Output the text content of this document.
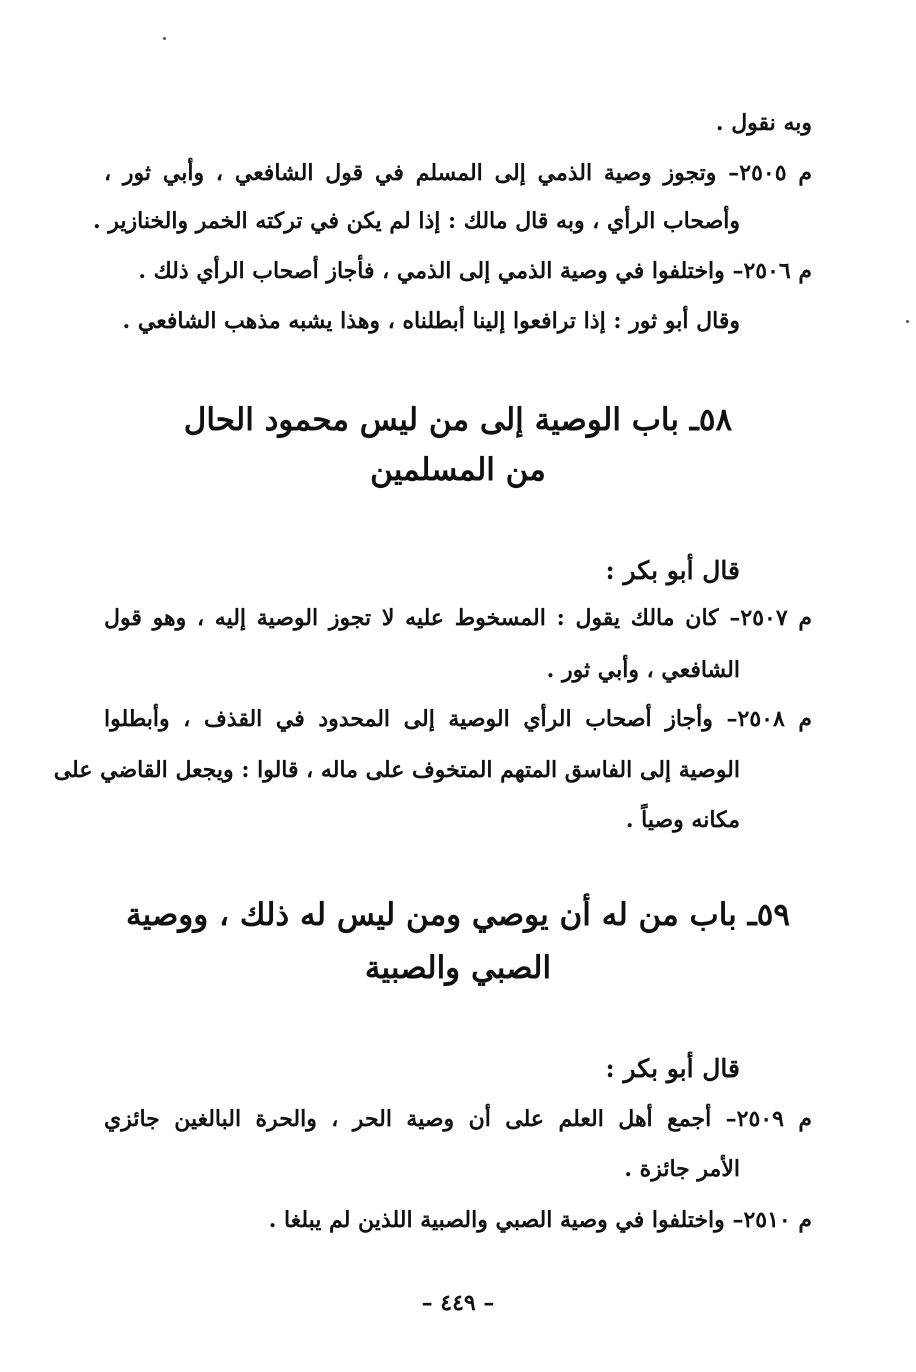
وبه نقول .
م ٢٥٠٥– وتجوز وصية الذمي إلى المسلم في قول الشافعي ، وأبي ثور ،
وأصحاب الرأي ، وبه قال مالك : إذا لم يكن في تركته الخمر والخنازير .
م ٢٥٠٦– واختلفوا في وصية الذمي إلى الذمي ، فأجاز أصحاب الرأي ذلك .
وقال أبو ثور : إذا ترافعوا إلينا أبطلناه ، وهذا يشبه مذهب الشافعي .
٥٨ـ باب الوصية إلى من ليس محمود الحال
من المسلمين
قال أبو بكر :
م ٢٥٠٧– كان مالك يقول : المسخوط عليه لا تجوز الوصية إليه ، وهو قول
الشافعي ، وأبي ثور .
م ٢٥٠٨– وأجاز أصحاب الرأي الوصية إلى المحدود في القذف ، وأبطلوا
الوصية إلى الفاسق المتهم المتخوف على ماله ، قالوا : ويجعل القاضي على
مكانه وصياً .
٥٩ـ باب من له أن يوصي ومن ليس له ذلك ، ووصية
الصبي والصبية
قال أبو بكر :
م ٢٥٠٩– أجمع أهل العلم على أن وصية الحر ، والحرة البالغين جائزي
الأمر جائزة .
م ٢٥١٠– واختلفوا في وصية الصبي والصبية اللذين لم يبلغا .
– ٤٤٩ –
